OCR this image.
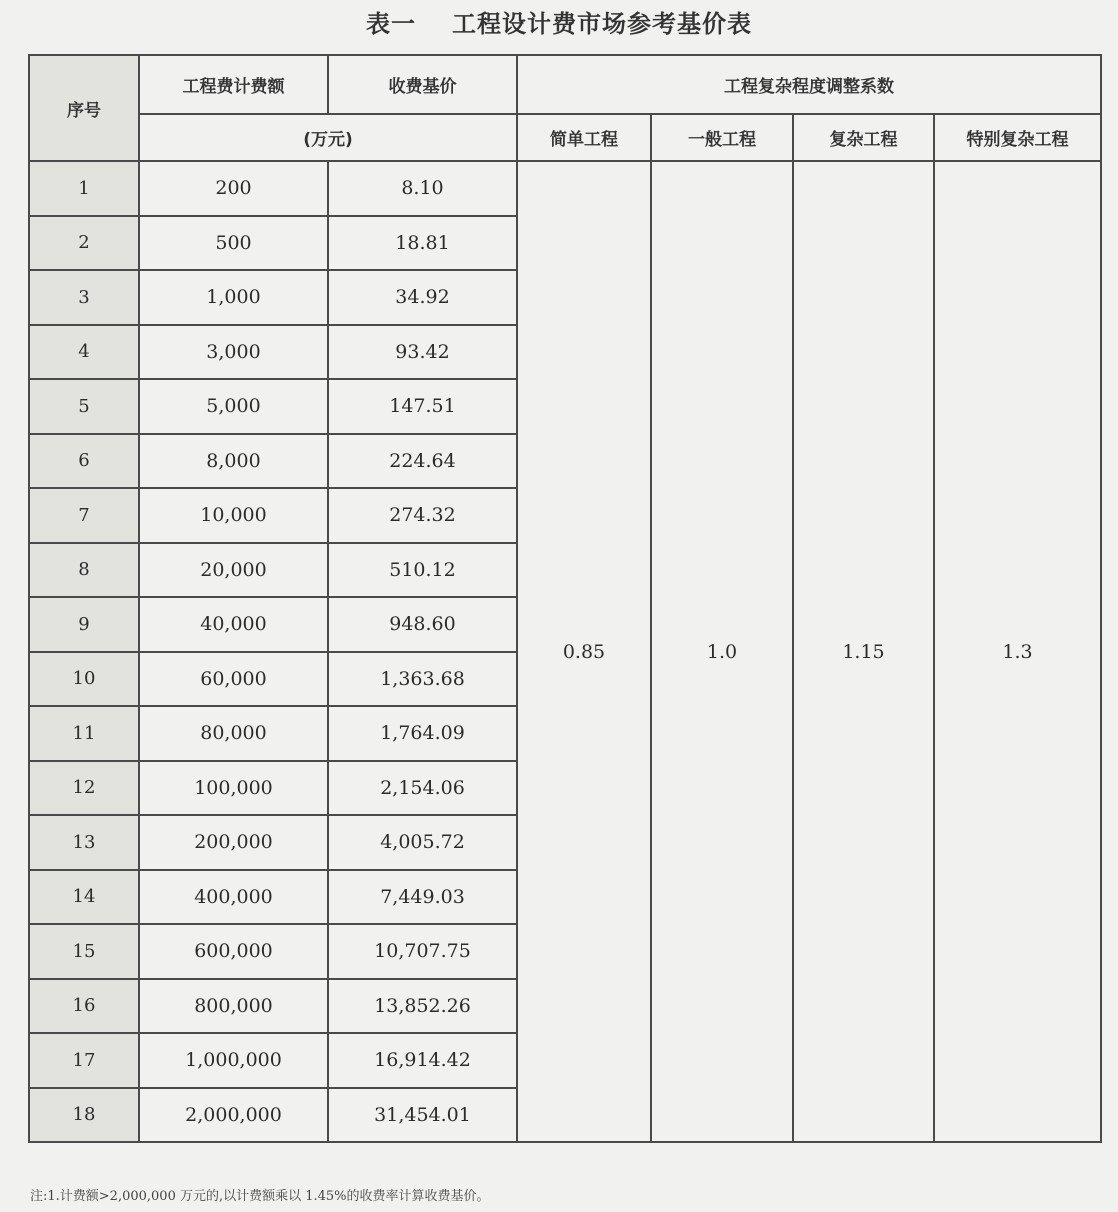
表一 工程设计费市场参考基价表
序号	工程费计费额	收费基价	工程复杂程度调整系数			
	(万元)		简单工程	一般工程	复杂工程	特别复杂工程
1	200	8.10	0.85	1.0	1.15	1.3
2	500	18.81				
3	1,000	34.92				
4	3,000	93.42				
5	5,000	147.51				
6	8,000	224.64				
7	10,000	274.32				
8	20,000	510.12				
9	40,000	948.60				
10	60,000	1,363.68				
11	80,000	1,764.09				
12	100,000	2,154.06				
13	200,000	4,005.72				
14	400,000	7,449.03				
15	600,000	10,707.75				
16	800,000	13,852.26				
17	1,000,000	16,914.42				
18	2,000,000	31,454.01				
注:1.计费额>2,000,000 万元的,以计费额乘以 1.45%的收费率计算收费基价。
